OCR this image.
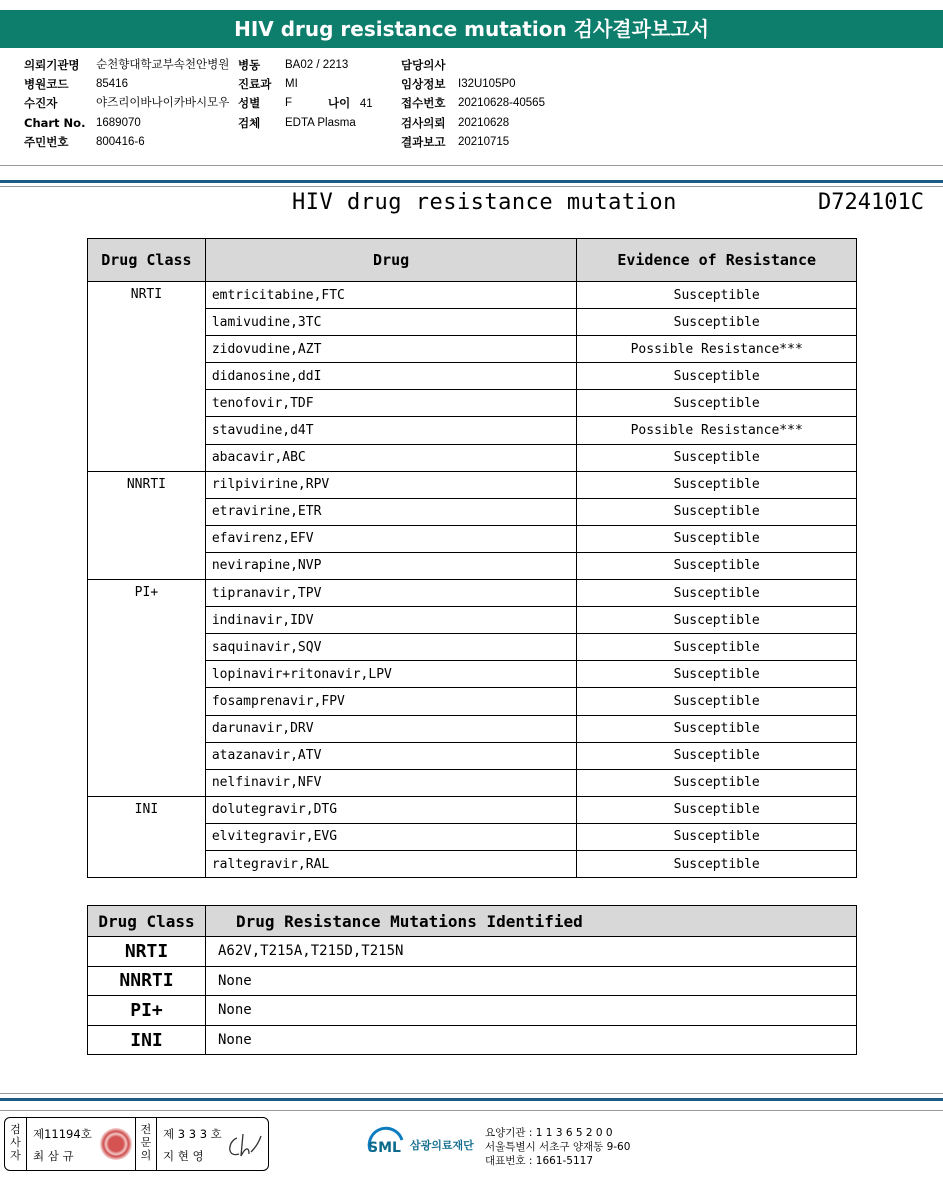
HIV drug resistance mutation 검사결과보고서
의뢰기관명 순천향대학교부속천안병원
병원코드 85416
수진자	야즈리이바나이카바시모우
Chart No. 1689070
주민번호 800416-6
병동 BA02 / 2213
진료과 MI
성별 F
검체 EDTA Plasma
담당의사
임상정보 I32U105P0
접수번호 20210628-40565
검사의뢰 20210628
결과보고 20210715
나이 41
HIV drug resistance mutation	D724101C
Drug Class	Drug	Evidence of Resistance
NRTI	emtricitabine,FTC	Susceptible
	lamivudine,3TC	Susceptible
	zidovudine,AZT	Possible Resistance***
	didanosine,ddI	Susceptible
	tenofovir,TDF	Susceptible
	stavudine,d4T	Possible Resistance***
	abacavir,ABC	Susceptible
NNRTI	rilpivirine,RPV	Susceptible
	etravirine,ETR	Susceptible
	efavirenz,EFV	Susceptible
	nevirapine,NVP	Susceptible
PI+	tipranavir,TPV	Susceptible
	indinavir,IDV	Susceptible
	saquinavir,SQV	Susceptible
	lopinavir+ritonavir,LPV	Susceptible
	fosamprenavir,FPV	Susceptible
	darunavir,DRV	Susceptible
	atazanavir,ATV	Susceptible
	nelfinavir,NFV	Susceptible
INI	dolutegravir,DTG	Susceptible
	elvitegravir,EVG	Susceptible
	raltegravir,RAL	Susceptible
Drug Class	Drug Resistance Mutations Identified
NRTI	A62V,T215A,T215D,T215N
NNRTI	None
PI+	None
INI	None
검
사
자
제11194호
최 삼 규
전
문
의
제 3 3 3 호
지 현 영	SML 삼광의료재단
요양기관 : 1 1 3 6 5 2 0 0
서울특별시 서초구 양재동 9-60
대표번호 : 1661-5117
